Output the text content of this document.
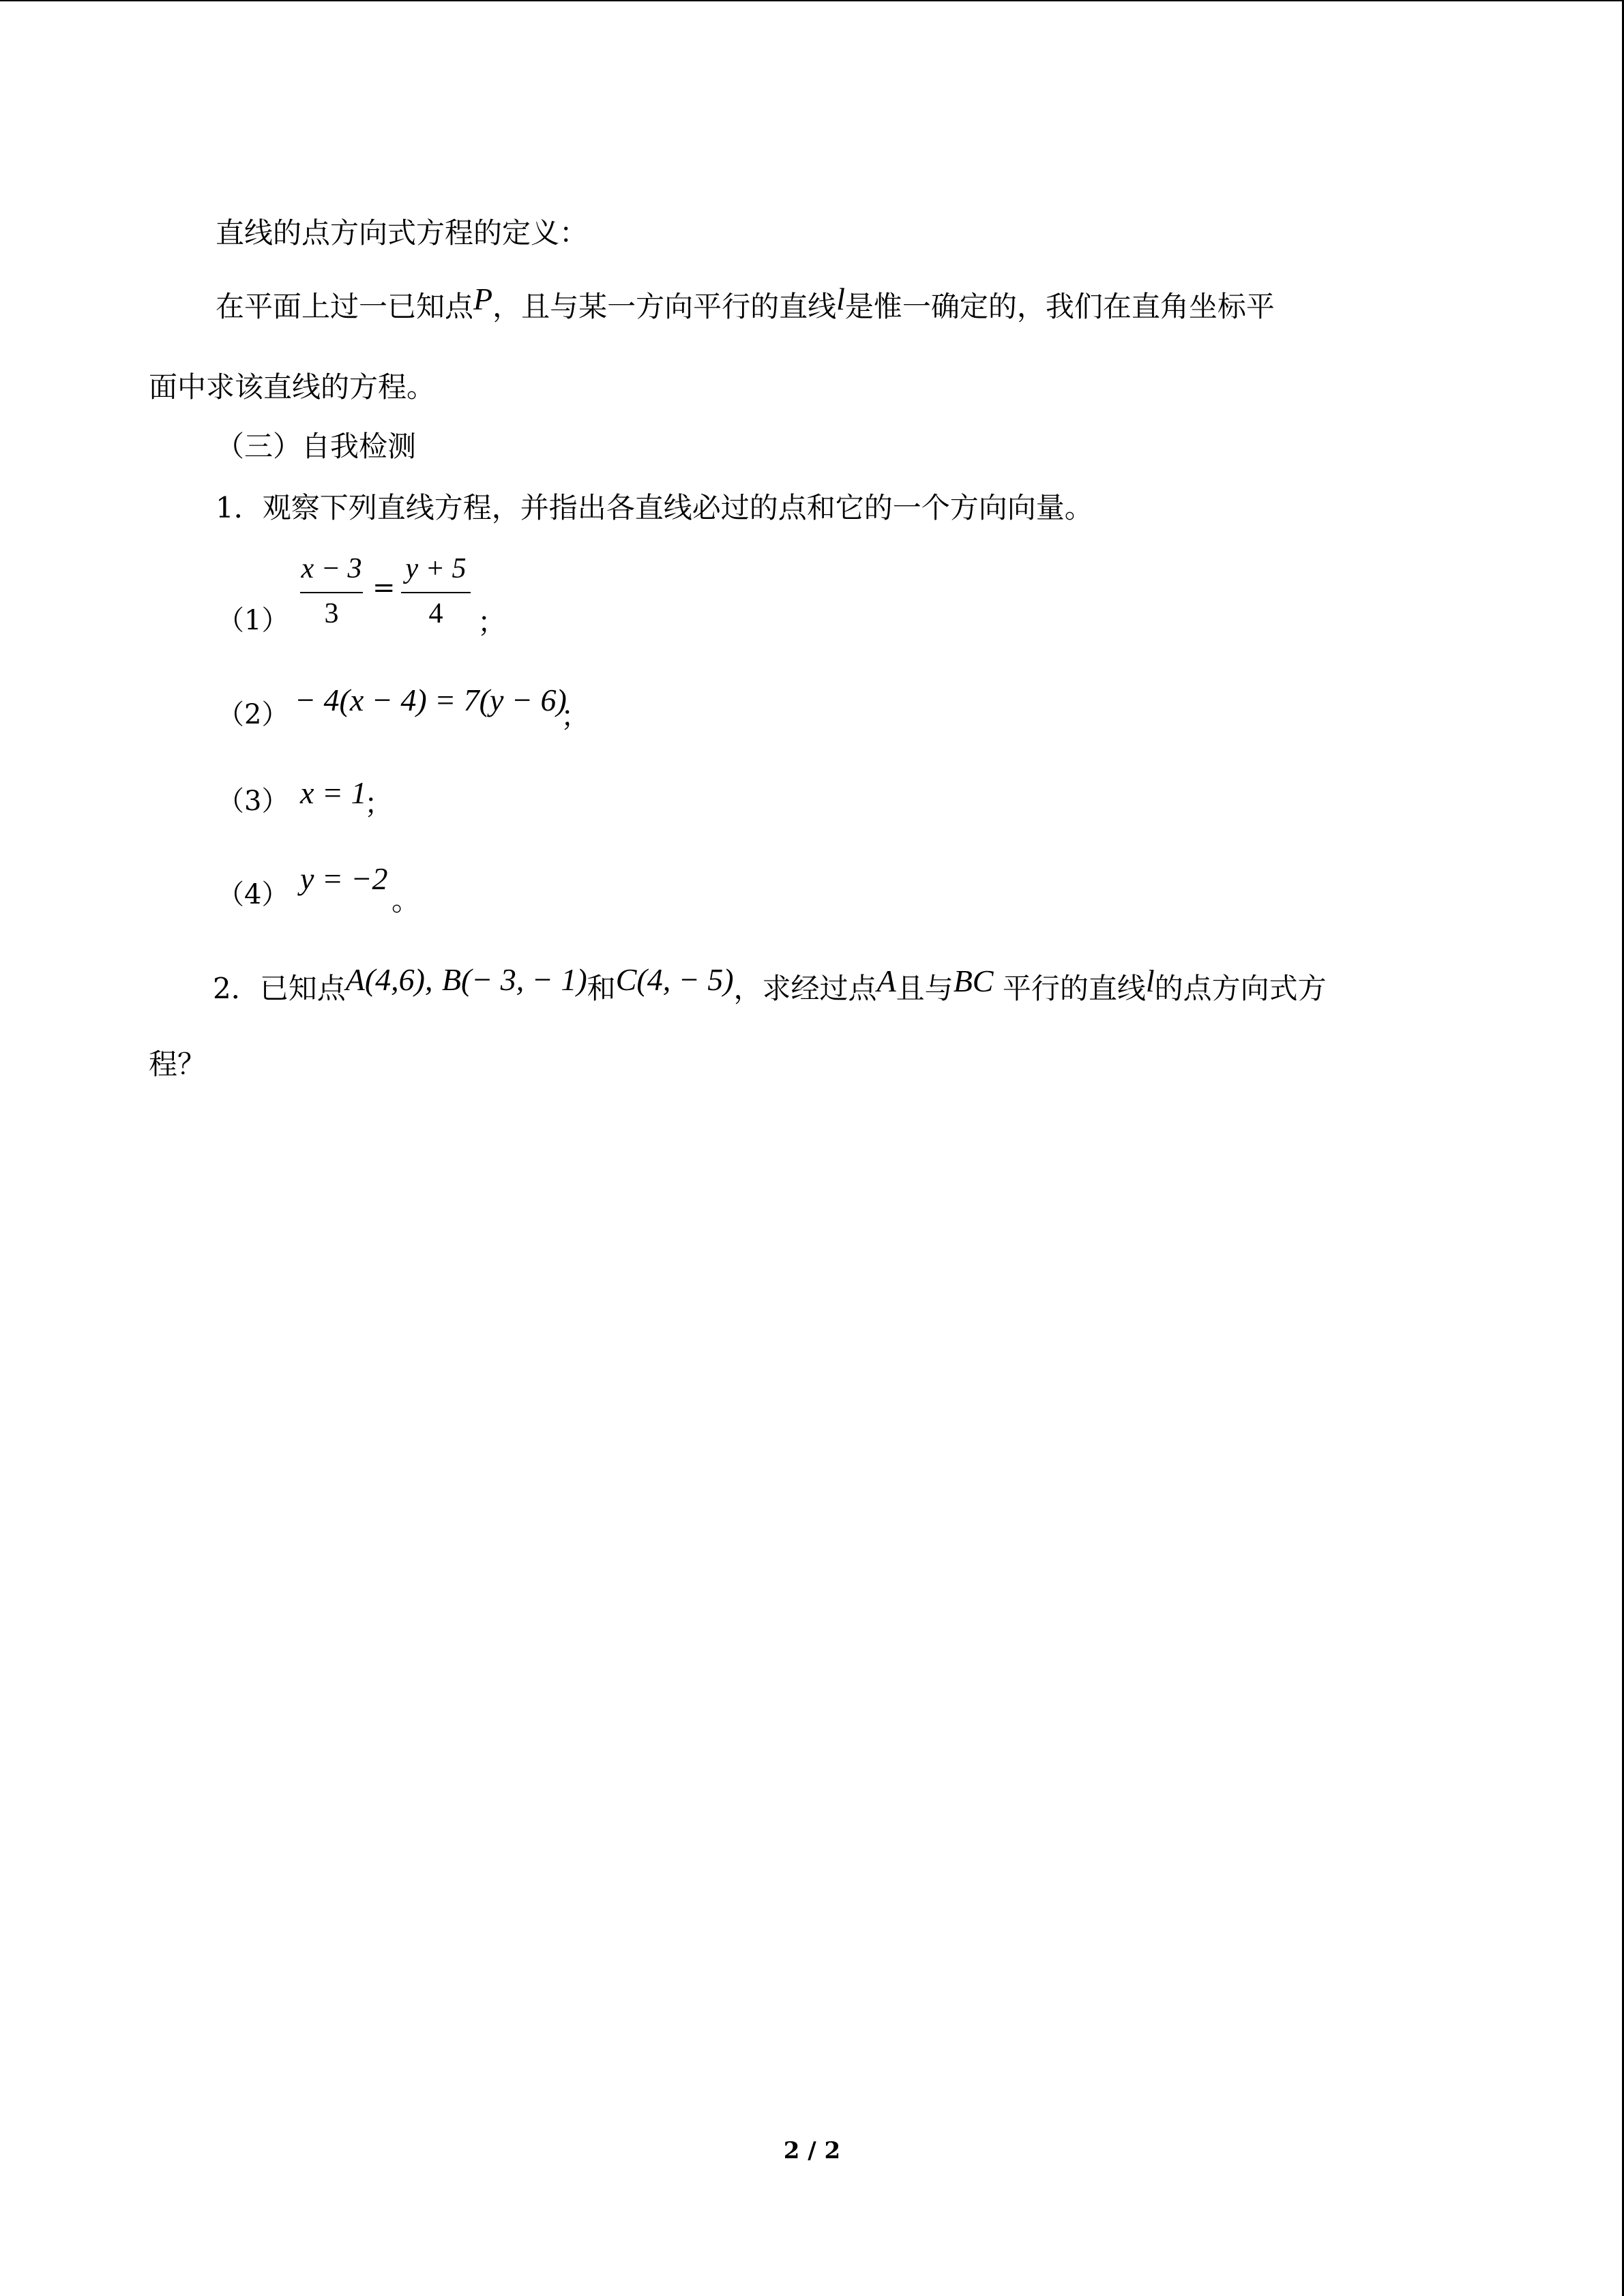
直线的点方向式方程的定义：
在平面上过一已知点P，且与某一方向平行的直线l是惟一确定的，我们在直角坐标平
面中求该直线的方程。
（三）自我检测
1．观察下列直线方程，并指出各直线必过的点和它的一个方向向量。
（1）
x − 3
3
=
y + 5
4	；
（2） − 4(x − 4) = 7(y − 6)
；
（3） x = 1
；
（4） y = −2
。
2．已知点A(4,6), B(− 3, − 1)和C(4, − 5)，求经过点A且与BC 平行的直线l的点方向式方
程？
2 / 2
